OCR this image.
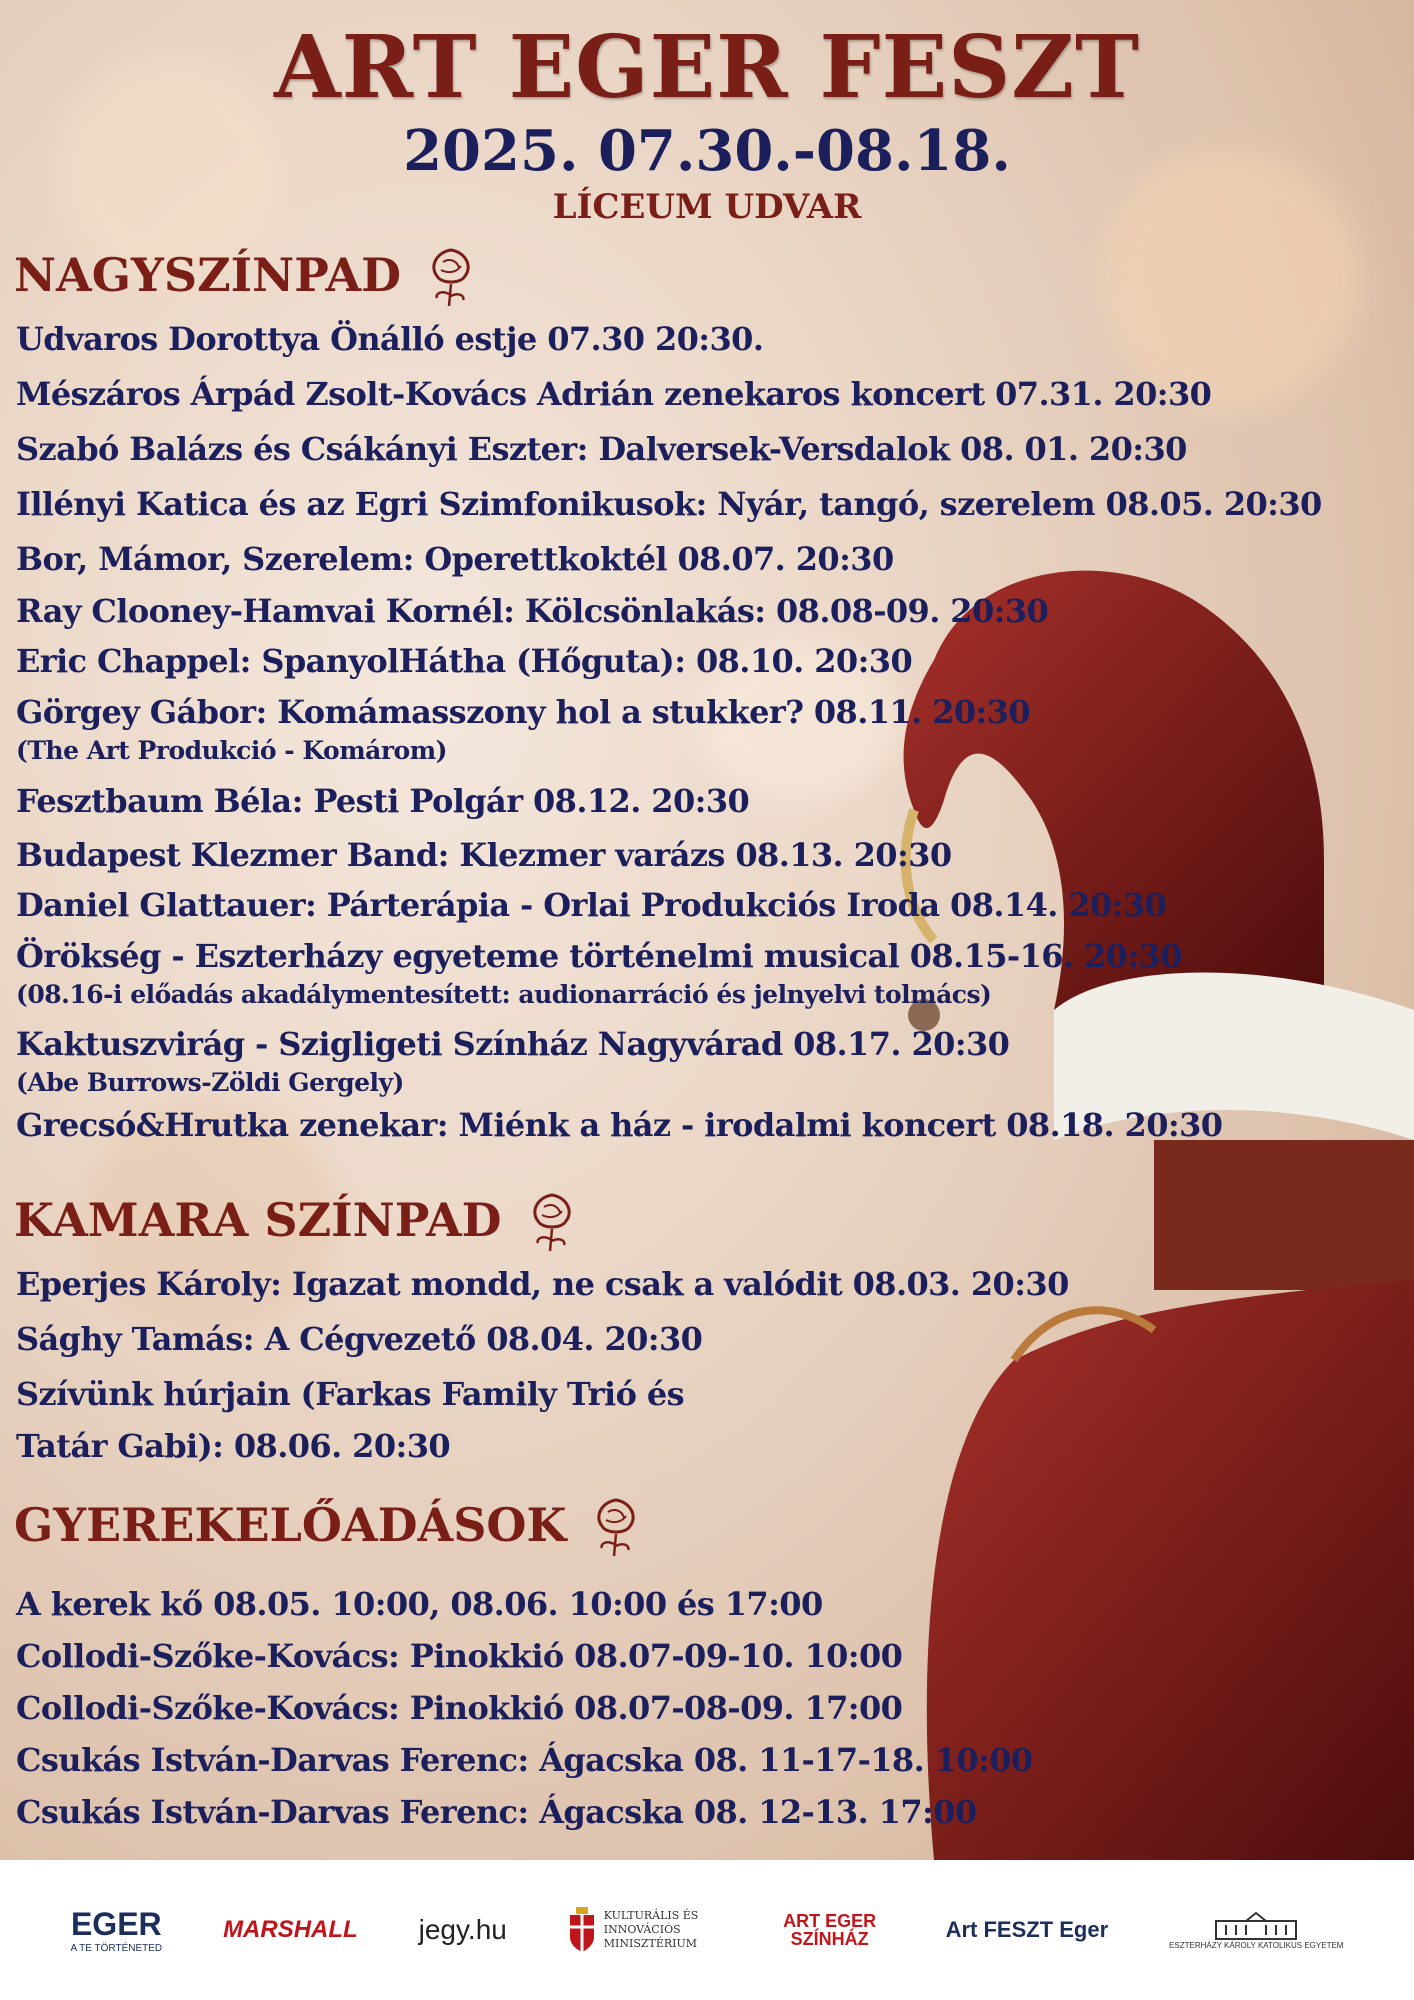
ART EGER FESZT
2025. 07.30.-08.18.
LÍCEUM UDVAR
NAGYSZÍNPAD
Udvaros Dorottya Önálló estje 07.30 20:30.
Mészáros Árpád Zsolt-Kovács Adrián zenekaros koncert 07.31. 20:30
Szabó Balázs és Csákányi Eszter: Dalversek-Versdalok 08. 01. 20:30
Illényi Katica és az Egri Szimfonikusok: Nyár, tangó, szerelem 08.05. 20:30
Bor, Mámor, Szerelem: Operettkoktél 08.07. 20:30
Ray Clooney-Hamvai Kornél: Kölcsönlakás: 08.08-09. 20:30
Eric Chappel: SpanyolHátha (Hőguta): 08.10. 20:30
Görgey Gábor: Komámasszony hol a stukker? 08.11. 20:30
(The Art Produkció - Komárom)
Fesztbaum Béla: Pesti Polgár 08.12. 20:30
Budapest Klezmer Band: Klezmer varázs 08.13. 20:30
Daniel Glattauer: Párterápia - Orlai Produkciós Iroda 08.14. 20:30
Örökség - Eszterházy egyeteme történelmi musical 08.15-16. 20:30
(08.16-i előadás akadálymentesített: audionarráció és jelnyelvi tolmács)
Kaktuszvirág - Szigligeti Színház Nagyvárad 08.17. 20:30
(Abe Burrows-Zöldi Gergely)
Grecsó&Hrutka zenekar: Miénk a ház - irodalmi koncert 08.18. 20:30
KAMARA SZÍNPAD
Eperjes Károly: Igazat mondd, ne csak a valódit 08.03. 20:30
Sághy Tamás: A Cégvezető 08.04. 20:30
Szívünk húrjain (Farkas Family Trió és
Tatár Gabi): 08.06. 20:30
GYEREKELŐADÁSOK
A kerek kő 08.05. 10:00, 08.06. 10:00 és 17:00
Collodi-Szőke-Kovács: Pinokkió 08.07-09-10. 10:00
Collodi-Szőke-Kovács: Pinokkió 08.07-08-09. 17:00
Csukás István-Darvas Ferenc: Ágacska 08. 11-17-18. 10:00
Csukás István-Darvas Ferenc: Ágacska 08. 12-13. 17:00
EGER
A TE TÖRTÉNETED
MARSHALL jegy.hu	KULTURÁLIS ÉS INNOVÁCIÓS MINISZTÉRIUM
ART EGER SZÍNHÁZ	Art FESZT Eger
ESZTERHÁZY KÁROLY KATOLIKUS EGYETEM
